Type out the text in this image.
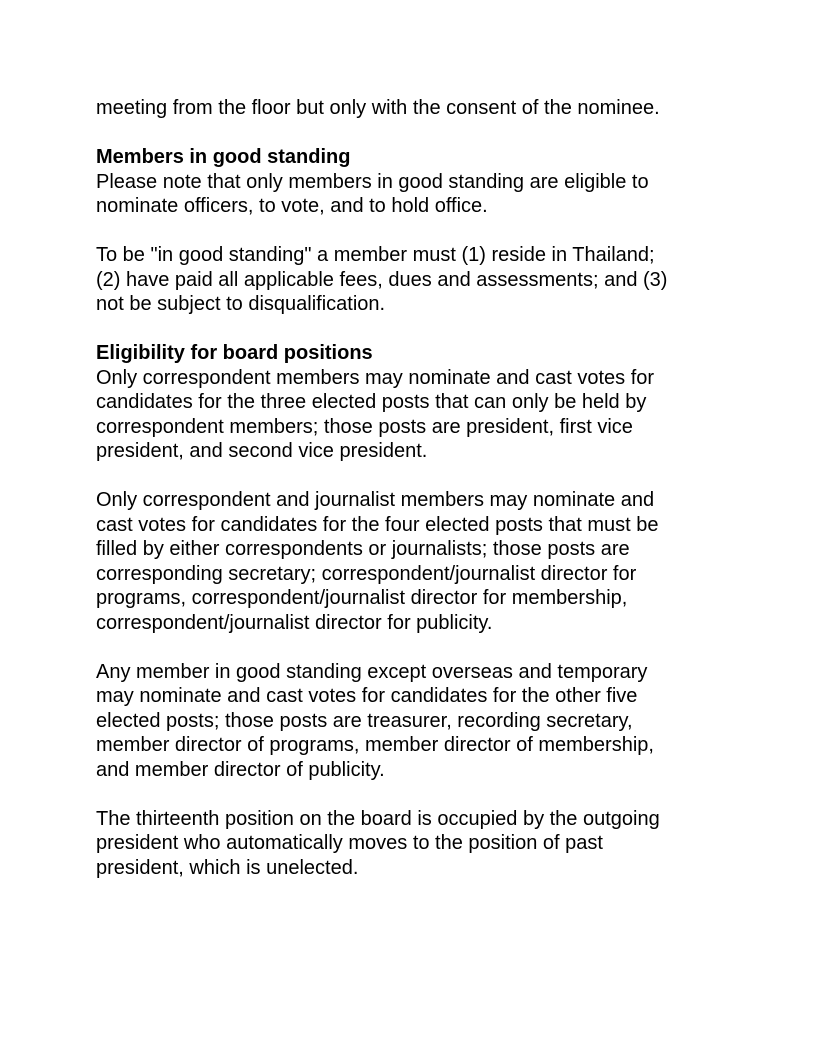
meeting from the floor but only with the consent of the nominee.
Members in good standing
Please note that only members in good standing are eligible to
nominate officers, to vote, and to hold office.
To be "in good standing" a member must (1) reside in Thailand;
(2) have paid all applicable fees, dues and assessments; and (3)
not be subject to disqualification.
Eligibility for board positions
Only correspondent members may nominate and cast votes for
candidates for the three elected posts that can only be held by
correspondent members; those posts are president, first vice
president, and second vice president.
Only correspondent and journalist members may nominate and
cast votes for candidates for the four elected posts that must be
filled by either correspondents or journalists; those posts are
corresponding secretary; correspondent/journalist director for
programs, correspondent/journalist director for membership,
correspondent/journalist director for publicity.
Any member in good standing except overseas and temporary
may nominate and cast votes for candidates for the other five
elected posts; those posts are treasurer, recording secretary,
member director of programs, member director of membership,
and member director of publicity.
The thirteenth position on the board is occupied by the outgoing
president who automatically moves to the position of past
president, which is unelected.
